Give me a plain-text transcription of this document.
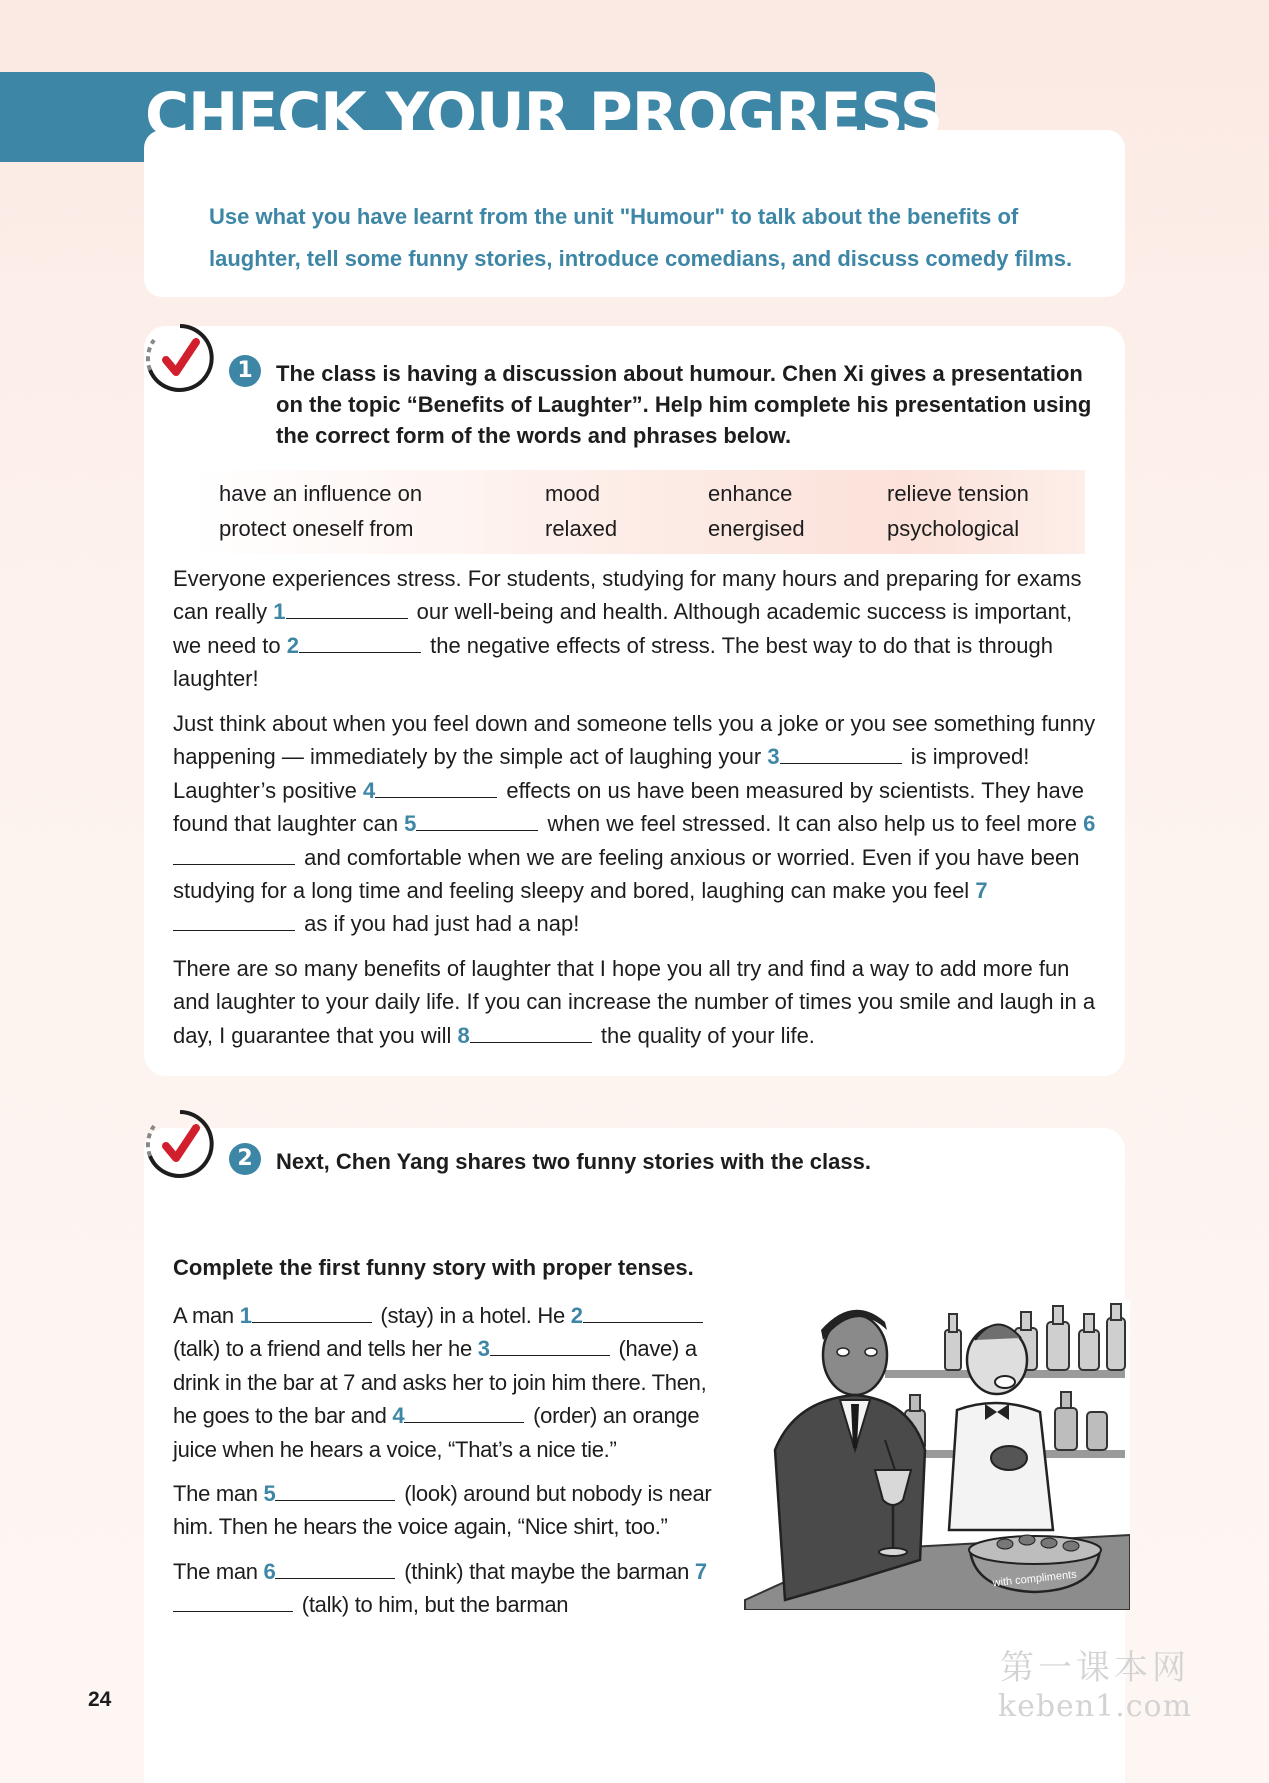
CHECK YOUR PROGRESS
Use what you have learnt from the unit "Humour" to talk about the benefits of laughter, tell some funny stories, introduce comedians, and discuss comedy films.
1	The class is having a discussion about humour. Chen Xi gives a presentation on the topic “Benefits of Laughter”. Help him complete his presentation using the correct form of the words and phrases below.
have an influence on	mood	enhance	relieve tension
protect oneself from	relaxed	energised	psychological
Everyone experiences stress. For students, studying for many hours and preparing for exams can really 1	our well-being and health. Although academic success is important, we need to 2	the negative effects of stress. The best way to do that is through laughter!
Just think about when you feel down and someone tells you a joke or you see something funny happening — immediately by the simple act of laughing your 3	is improved! Laughter’s positive 4	effects on us have been measured by scientists. They have found that laughter can 5	when we feel stressed. It can also help us to feel more 6 and comfortable when we are feeling anxious or worried. Even if you have been studying for a long time and feeling sleepy and bored, laughing can make you feel 7 as if you had just had a nap!
There are so many benefits of laughter that I hope you all try and find a way to add more fun and laughter to your daily life. If you can increase the number of times you smile and laugh in a day, I guarantee that you will 8	the quality of your life.
2	Next, Chen Yang shares two funny stories with the class.
Complete the first funny story with proper tenses.
A man 1	(stay) in a hotel. He 2 (talk) to a friend and tells her he 3	(have) a drink in the bar at 7 and asks her to join him there. Then, he goes to the bar and 4	(order) an orange juice when he hears a voice, “That’s a nice tie.”
The man 5	(look) around but nobody is near him. Then he hears the voice again, “Nice shirt, too.”
The man 6	(think) that maybe the barman 7 (talk) to him, but the barman
with compliments
24
第一课本网
keben1.com
